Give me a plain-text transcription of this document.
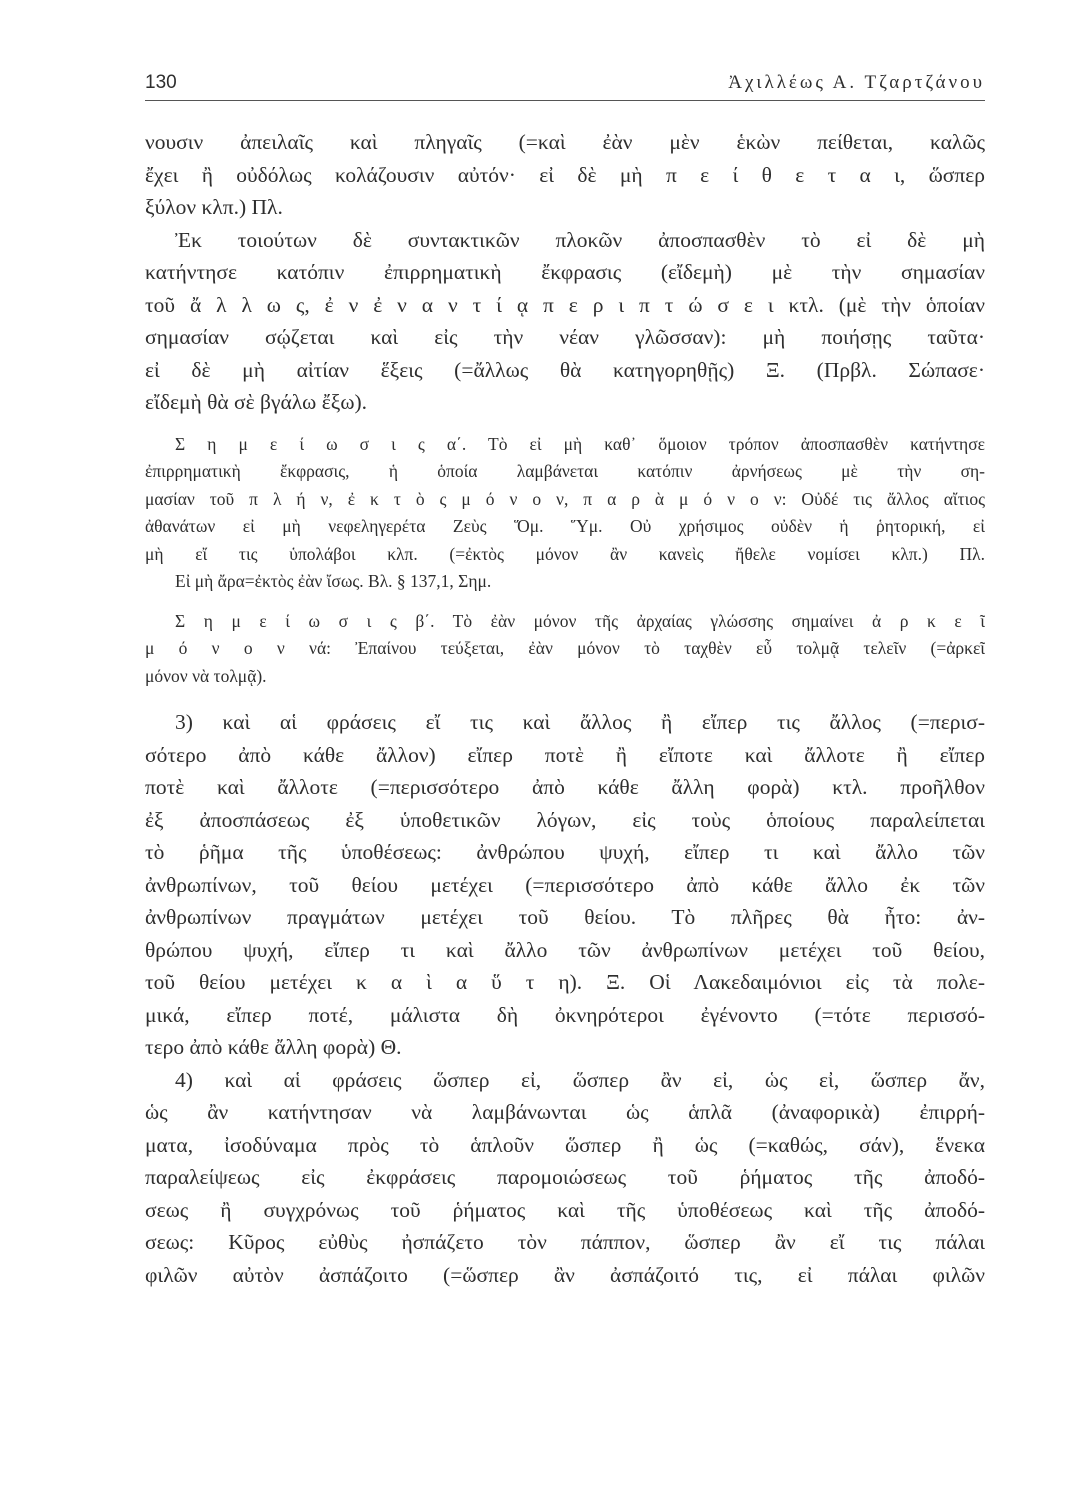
130	Ἀχιλλέως Α. Τζαρτζάνου
νουσιν ἀπειλαῖς καὶ πληγαῖς (=καὶ ἐὰν μὲν ἑκὼν πείθεται, καλῶς
ἔχει ἢ οὐδόλως κολάζουσιν αὐτόν· εἰ δὲ μὴ π ε ί θ ε τ α ι, ὥσπερ
ξύλον κλπ.) Πλ.
Ἐκ τοιούτων δὲ συντακτικῶν πλοκῶν ἀποσπασθὲν τὸ εἰ δὲ μὴ
κατήντησε κατόπιν ἐπιρρηματικὴ ἔκφρασις (εἴδεμὴ) μὲ τὴν σημασίαν
τοῦ ἄ λ λ ω ς, ἐ ν ἐ ν α ν τ ί ᾳ π ε ρ ι π τ ώ σ ε ι κτλ. (μὲ τὴν ὁποίαν
σημασίαν σῴζεται καὶ εἰς τὴν νέαν γλῶσσαν): μὴ ποιήσῃς ταῦτα·
εἰ δὲ μὴ αἰτίαν ἕξεις (=ἄλλως θὰ κατηγορηθῇς) Ξ. (Πρβλ. Σώπασε·
εἴδεμὴ θὰ σὲ βγάλω ἔξω).
Σ η μ ε ί ω σ ι ς α΄. Τὸ εἰ μὴ καθ᾽ ὅμοιον τρόπον ἀποσπασθὲν κατήντησε
ἐπιρρηματικὴ ἔκφρασις, ἡ ὁποία λαμβάνεται κατόπιν ἀρνήσεως μὲ τὴν ση-
μασίαν τοῦ π λ ή ν, ἐ κ τ ὸ ς μ ό ν ο ν, π α ρ ὰ μ ό ν ο ν: Οὐδέ τις ἄλλος αἴτιος
ἀθανάτων εἰ μὴ νεφεληγερέτα Ζεὺς Ὅμ. Ὕμ. Οὐ χρήσιμος οὐδὲν ἡ ῥητορική, εἰ
μὴ εἴ τις ὑπολάβοι κλπ. (=ἐκτὸς μόνον ἂν κανεὶς ἤθελε νομίσει κλπ.) Πλ.
Εἰ μὴ ἄρα=ἐκτὸς ἐὰν ἴσως. Βλ. § 137,1, Σημ.
Σ η μ ε ί ω σ ι ς β΄. Τὸ ἐὰν μόνον τῆς ἀρχαίας γλώσσης σημαίνει ἀ ρ κ ε ῖ
μ ό ν ο ν νά: Ἐπαίνου τεύξεται, ἐὰν μόνον τὸ ταχθὲν εὖ τολμᾷ τελεῖν (=ἀρκεῖ
μόνον νὰ τολμᾷ).
3) καὶ αἱ φράσεις εἴ τις καὶ ἄλλος ἢ εἴπερ τις ἄλλος (=περισ-
σότερο ἀπὸ κάθε ἄλλον) εἴπερ ποτὲ ἢ εἴποτε καὶ ἄλλοτε ἢ εἴπερ
ποτὲ καὶ ἄλλοτε (=περισσότερο ἀπὸ κάθε ἄλλη φορὰ) κτλ. προῆλθον
ἐξ ἀποσπάσεως ἐξ ὑποθετικῶν λόγων, εἰς τοὺς ὁποίους παραλείπεται
τὸ ῥῆμα τῆς ὑποθέσεως: ἀνθρώπου ψυχή, εἴπερ τι καὶ ἄλλο τῶν
ἀνθρωπίνων, τοῦ θείου μετέχει (=περισσότερο ἀπὸ κάθε ἄλλο ἐκ τῶν
ἀνθρωπίνων πραγμάτων μετέχει τοῦ θείου. Τὸ πλῆρες θὰ ἦτο: ἀν-
θρώπου ψυχή, εἴπερ τι καὶ ἄλλο τῶν ἀνθρωπίνων μετέχει τοῦ θείου,
τοῦ θείου μετέχει κ α ὶ α ὕ τ η). Ξ. Οἱ Λακεδαιμόνιοι εἰς τὰ πολε-
μικά, εἴπερ ποτέ, μάλιστα δὴ ὀκνηρότεροι ἐγένοντο (=τότε περισσό-
τερο ἀπὸ κάθε ἄλλη φορὰ) Θ.
4) καὶ αἱ φράσεις ὥσπερ εἰ, ὥσπερ ἂν εἰ, ὡς εἰ, ὥσπερ ἄν,
ὡς ἂν κατήντησαν νὰ λαμβάνωνται ὡς ἁπλᾶ (ἀναφορικὰ) ἐπιρρή-
ματα, ἰσοδύναμα πρὸς τὸ ἁπλοῦν ὥσπερ ἢ ὡς (=καθώς, σάν), ἕνεκα
παραλείψεως εἰς ἐκφράσεις παρομοιώσεως τοῦ ῥήματος τῆς ἀποδό-
σεως ἢ συγχρόνως τοῦ ῥήματος καὶ τῆς ὑποθέσεως καὶ τῆς ἀποδό-
σεως: Κῦρος εὐθὺς ἠσπάζετο τὸν πάππον, ὥσπερ ἂν εἴ τις πάλαι
φιλῶν αὐτὸν ἀσπάζοιτο (=ὥσπερ ἂν ἀσπάζοιτό τις, εἰ πάλαι φιλῶν
